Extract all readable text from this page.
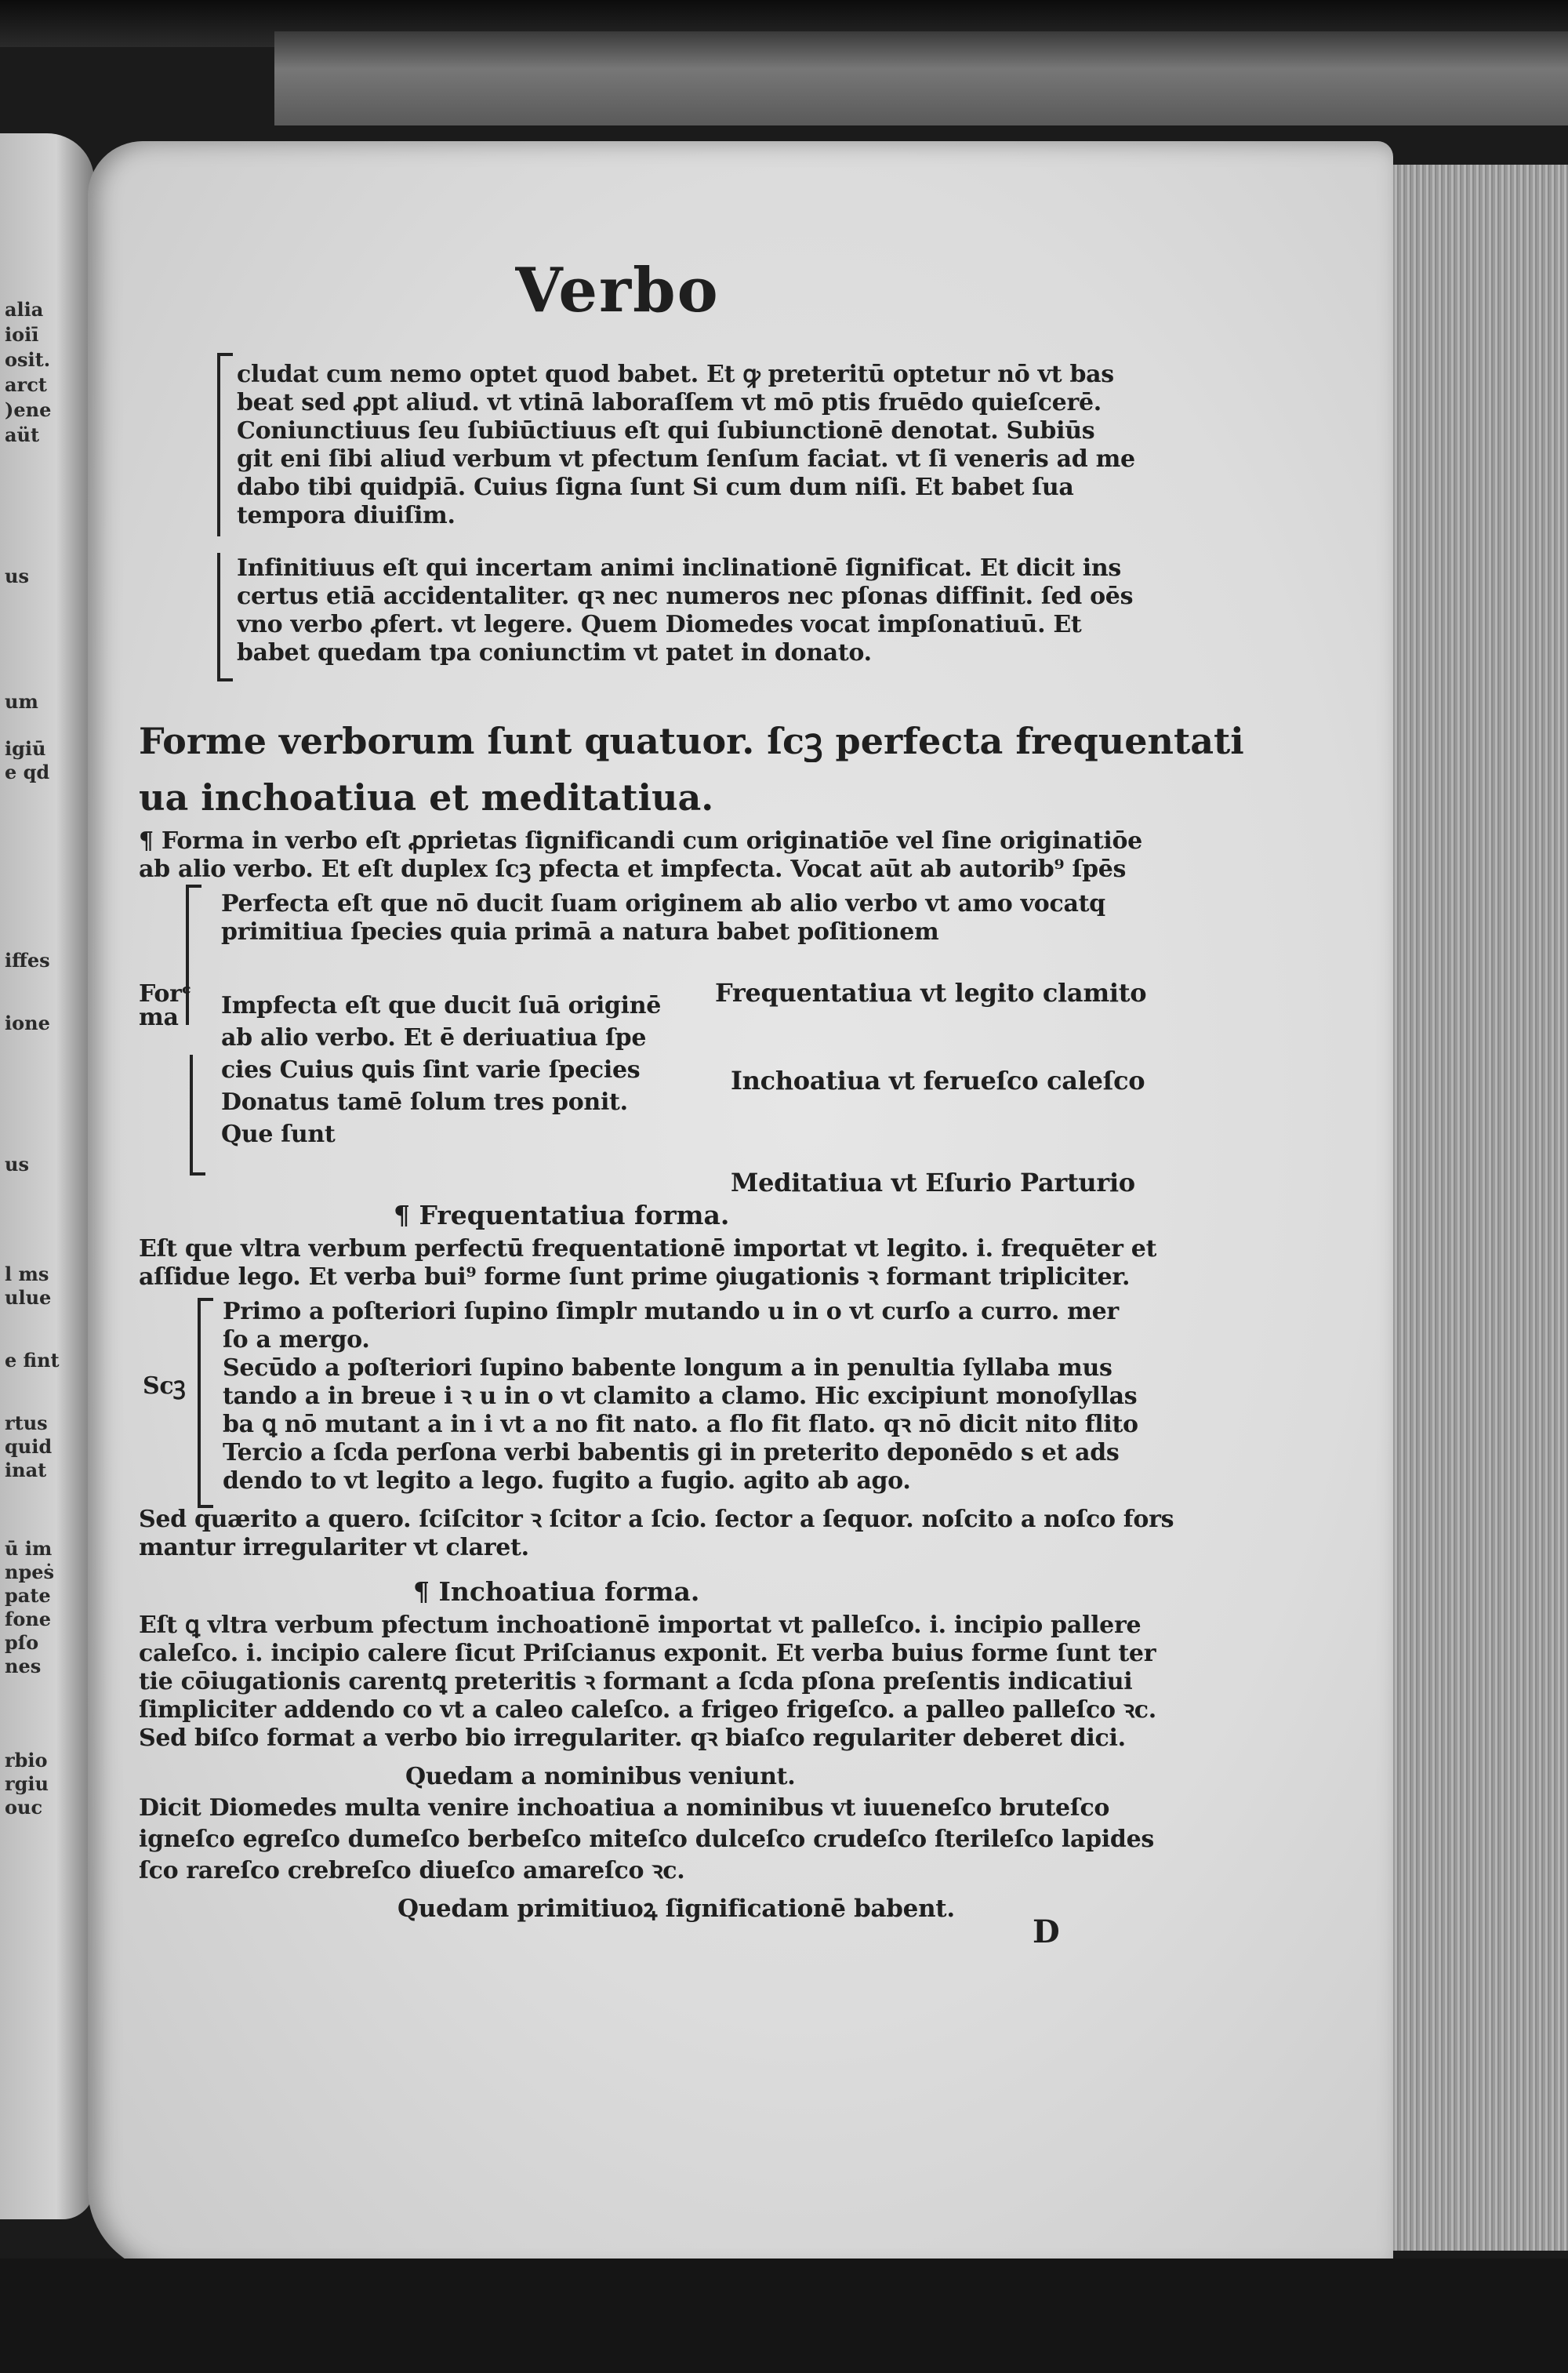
alia
ioiī
osit.
arct
)ene
aüt
us
um
igiū
e qd
iffes
ione
us
l ms
ulue
e fint
rtus
quid
inat
ū im
npeṡ
pate
fone
pſo
nes
rbio
rgiu
ouc
Verbo
cludat cum nemo optet quod babet. Et ꝙ preteritū optetur nō vt bas
beat sed ꝓpt aliud. vt vtinā laboraſſem vt mō ptis fruēdo quieſcerē.
Coniunctiuus ſeu ſubiūctiuus eſt qui ſubiunctionē denotat. Subiūs
git eni ſibi aliud verbum vt pfectum ſenſum faciat. vt ſi veneris ad me
dabo tibi quidpiā. Cuius ſigna ſunt Si cum dum niſi. Et babet ſua
tempora diuiſim.
Infinitiuus eſt qui incertam animi inclinationē ſignificat. Et dicit ins
certus etiā accidentaliter. qꝛ nec numeros nec pſonas diffinit. ſed oēs
vno verbo ꝓfert. vt legere. Quem Diomedes vocat impſonatiuū. Et
babet quedam tpa coniunctim vt patet in donato.
Forme verborum ſunt quatuor. ſcꝫ perfecta frequentati
ua inchoatiua et meditatiua.
¶ Forma in verbo eſt ꝓprietas ſignificandi cum originatiōe vel ſine originatiōe
ab alio verbo. Et eſt duplex ſcꝫ pfecta et impfecta. Vocat aūt ab autorib⁹ ſpēs
Perfecta eſt que nō ducit ſuam originem ab alio verbo vt amo vocatq
primitiua ſpecies quia primā a natura babet poſitionem
Forᶜ
ma Impfecta eſt que ducit ſuā originē
ab alio verbo. Et ē deriuatiua ſpe
cies Cuius ꝗuis ſint varie ſpecies
Donatus tamē ſolum tres ponit.
Que ſunt
Frequentatiua vt legito clamito
Inchoatiua vt ferueſco caleſco
Meditatiua vt Eſurio Parturio
¶ Frequentatiua forma.
Eſt que vltra verbum perfectū frequentationē importat vt legito. i. frequēter et
aſſidue lego. Et verba bui⁹ forme ſunt prime ꝯiugationis ꝛ formant tripliciter.
Scꝫ
Primo a poſteriori ſupino ſimplr mutando u in o vt curſo a curro. mer
ſo a mergo.
Secūdo a poſteriori ſupino babente longum a in penultia ſyllaba mus
tando a in breue i ꝛ u in o vt clamito a clamo. Hic excipiunt monoſyllas
ba ꝗ nō mutant a in i vt a no fit nato. a flo fit flato. qꝛ nō dicit nito flito
Tercio a ſcda perſona verbi babentis gi in preterito deponēdo s et ads
dendo to vt legito a lego. fugito a fugio. agito ab ago.
Sed quærito a quero. ſciſcitor ꝛ ſcitor a ſcio. ſector a ſequor. noſcito a noſco fors
mantur irregulariter vt claret.
¶ Inchoatiua forma.
Eſt ꝗ vltra verbum pfectum inchoationē importat vt palleſco. i. incipio pallere
caleſco. i. incipio calere ſicut Priſcianus exponit. Et verba buius forme ſunt ter
tie cōiugationis carentꝗ preteritis ꝛ formant a ſcda pſona preſentis indicatiui
ſimpliciter addendo co vt a caleo caleſco. a frigeo frigeſco. a palleo palleſco ꝛc.
Sed biſco format a verbo bio irregulariter. qꝛ biaſco regulariter deberet dici.
Quedam a nominibus veniunt.
Dicit Diomedes multa venire inchoatiua a nominibus vt iuueneſco bruteſco
igneſco egreſco dumeſco berbeſco miteſco dulceſco crudeſco ſterileſco lapides
ſco rareſco crebreſco diueſco amareſco ꝛc.
Quedam primitiuoꝝ ſignificationē babent.
D
